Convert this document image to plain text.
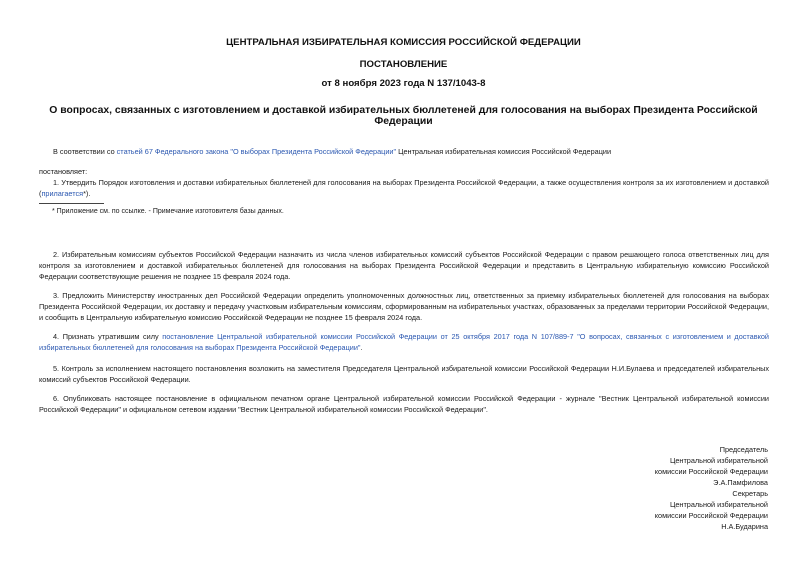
ЦЕНТРАЛЬНАЯ ИЗБИРАТЕЛЬНАЯ КОМИССИЯ РОССИЙСКОЙ ФЕДЕРАЦИИ
ПОСТАНОВЛЕНИЕ
от 8 ноября 2023 года N 137/1043-8
О вопросах, связанных с изготовлением и доставкой избирательных бюллетеней для голосования на выборах Президента Российской Федерации
В соответствии со статьей 67 Федерального закона "О выборах Президента Российской Федерации" Центральная избирательная комиссия Российской Федерации
постановляет:
1. Утвердить Порядок изготовления и доставки избирательных бюллетеней для голосования на выборах Президента Российской Федерации, а также осуществления контроля за их изготовлением и доставкой (прилагается*).
* Приложение см. по ссылке. - Примечание изготовителя базы данных.
2. Избирательным комиссиям субъектов Российской Федерации назначить из числа членов избирательных комиссий субъектов Российской Федерации с правом решающего голоса ответственных лиц для контроля за изготовлением и доставкой избирательных бюллетеней для голосования на выборах Президента Российской Федерации и представить в Центральную избирательную комиссию Российской Федерации соответствующие решения не позднее 15 февраля 2024 года.
3. Предложить Министерству иностранных дел Российской Федерации определить уполномоченных должностных лиц, ответственных за приемку избирательных бюллетеней для голосования на выборах Президента Российской Федерации, их доставку и передачу участковым избирательным комиссиям, сформированным на избирательных участках, образованных за пределами территории Российской Федерации, и сообщить в Центральную избирательную комиссию Российской Федерации не позднее 15 февраля 2024 года.
4. Признать утратившим силу постановление Центральной избирательной комиссии Российской Федерации от 25 октября 2017 года N 107/889-7 "О вопросах, связанных с изготовлением и доставкой избирательных бюллетеней для голосования на выборах Президента Российской Федерации".
5. Контроль за исполнением настоящего постановления возложить на заместителя Председателя Центральной избирательной комиссии Российской Федерации Н.И.Булаева и председателей избирательных комиссий субъектов Российской Федерации.
6. Опубликовать настоящее постановление в официальном печатном органе Центральной избирательной комиссии Российской Федерации - журнале "Вестник Центральной избирательной комиссии Российской Федерации" и официальном сетевом издании "Вестник Центральной избирательной комиссии Российской Федерации".
Председатель
Центральной избирательной
комиссии Российской Федерации
Э.А.Памфилова
Секретарь
Центральной избирательной
комиссии Российской Федерации
Н.А.Бударина
